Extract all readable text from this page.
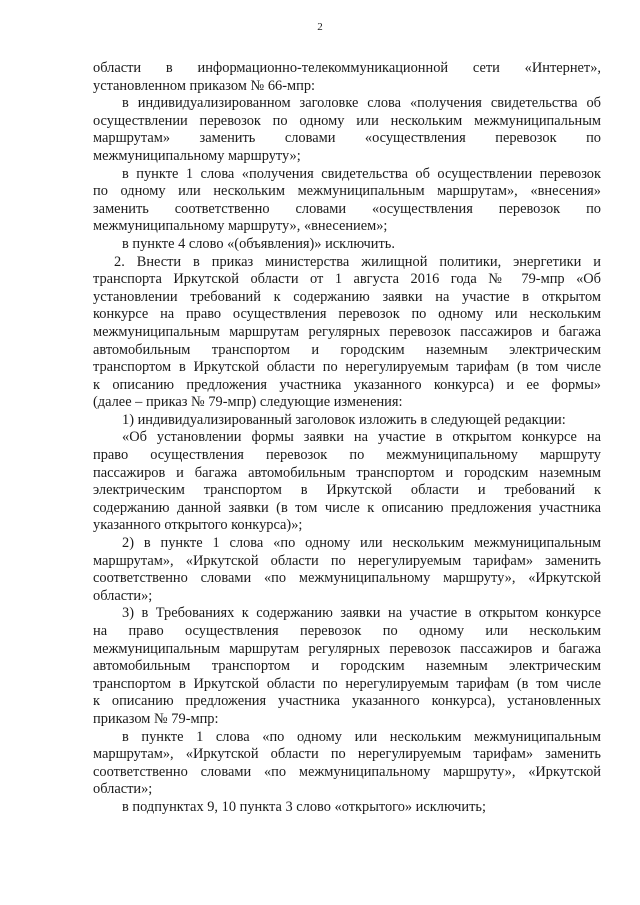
2
области в информационно-телекоммуникационной сети «Интернет»,
установленном приказом № 66-мпр:
в индивидуализированном заголовке слова «получения свидетельства об
осуществлении перевозок по одному или нескольким межмуниципальным
маршрутам» заменить словами «осуществления перевозок по
межмуниципальному маршруту»;
в пункте 1 слова «получения свидетельства об осуществлении перевозок
по одному или нескольким межмуниципальным маршрутам», «внесения»
заменить соответственно словами «осуществления перевозок по
межмуниципальному маршруту», «внесением»;
в пункте 4 слово «(объявления)» исключить.
2. Внести в приказ министерства жилищной политики, энергетики и
транспорта Иркутской области от 1 августа 2016 года № 79-мпр «Об
установлении требований к содержанию заявки на участие в открытом
конкурсе на право осуществления перевозок по одному или нескольким
межмуниципальным маршрутам регулярных перевозок пассажиров и багажа
автомобильным транспортом и городским наземным электрическим
транспортом в Иркутской области по нерегулируемым тарифам (в том числе
к описанию предложения участника указанного конкурса) и ее формы»
(далее – приказ № 79-мпр) следующие изменения:
1) индивидуализированный заголовок изложить в следующей редакции:
«Об установлении формы заявки на участие в открытом конкурсе на
право осуществления перевозок по межмуниципальному маршруту
пассажиров и багажа автомобильным транспортом и городским наземным
электрическим транспортом в Иркутской области и требований к
содержанию данной заявки (в том числе к описанию предложения участника
указанного открытого конкурса)»;
2) в пункте 1 слова «по одному или нескольким межмуниципальным
маршрутам», «Иркутской области по нерегулируемым тарифам» заменить
соответственно словами «по межмуниципальному маршруту», «Иркутской
области»;
3) в Требованиях к содержанию заявки на участие в открытом конкурсе
на право осуществления перевозок по одному или нескольким
межмуниципальным маршрутам регулярных перевозок пассажиров и багажа
автомобильным транспортом и городским наземным электрическим
транспортом в Иркутской области по нерегулируемым тарифам (в том числе
к описанию предложения участника указанного конкурса), установленных
приказом № 79-мпр:
в пункте 1 слова «по одному или нескольким межмуниципальным
маршрутам», «Иркутской области по нерегулируемым тарифам» заменить
соответственно словами «по межмуниципальному маршруту», «Иркутской
области»;
в подпунктах 9, 10 пункта 3 слово «открытого» исключить;
